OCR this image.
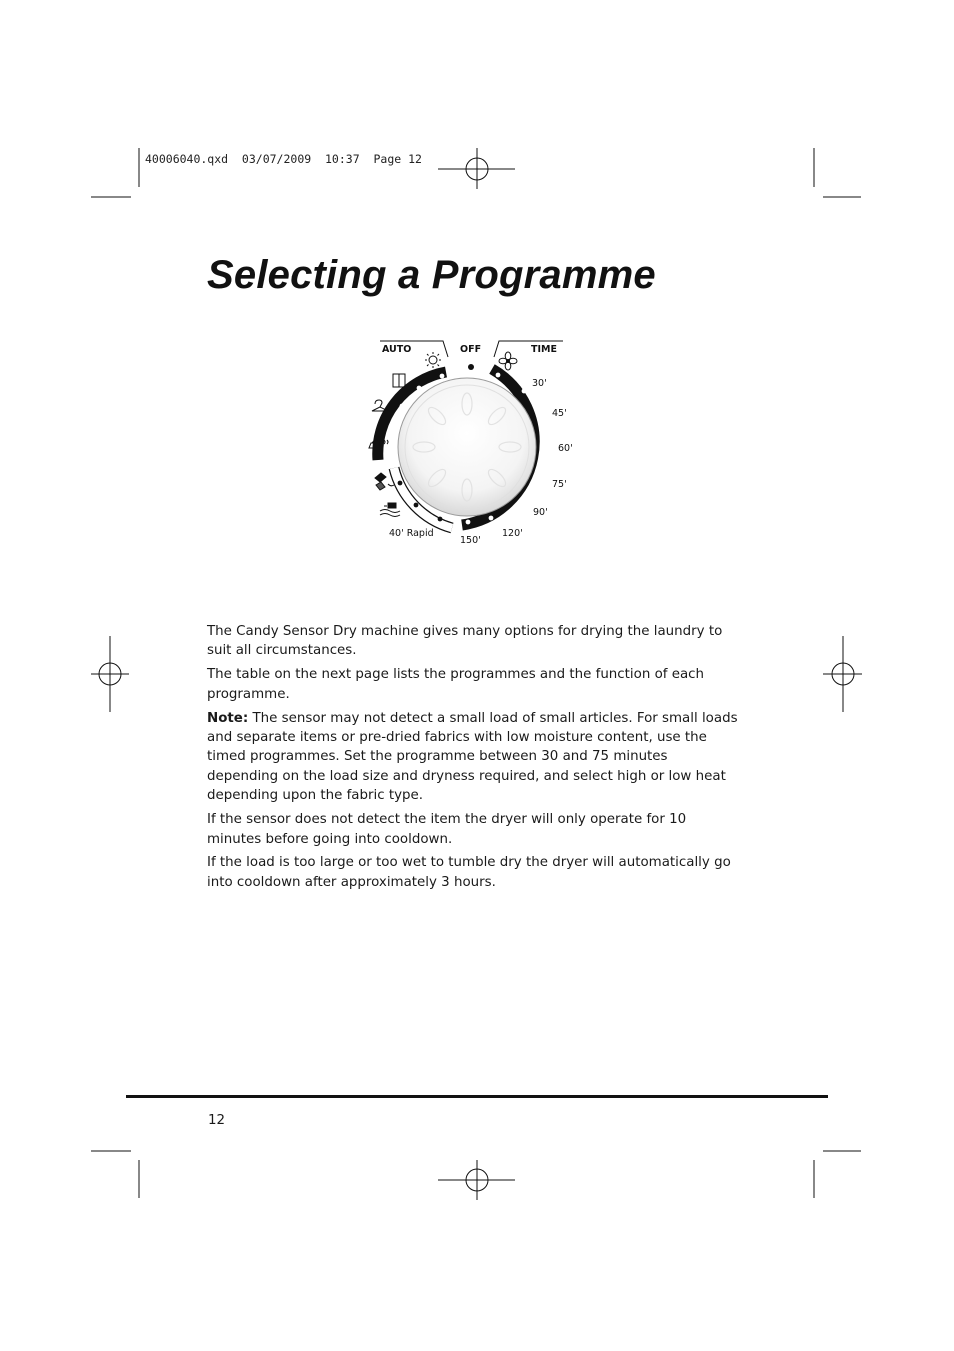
40006040.qxd  03/07/2009  10:37  Page 12
Selecting a Programme
AUTO	OFF	TIME
30'
45'
60'
75'
90'
120'
150'
40' Rapid

The Candy Sensor Dry machine gives many options for drying the laundry to suit all circumstances.

The table on the next page lists the programmes and the function of each programme.

Note: The sensor may not detect a small load of small articles. For small loads and separate items or pre-dried fabrics with low moisture content, use the timed programmes. Set the programme between 30 and 75 minutes depending on the load size and dryness required, and select high or low heat depending upon the fabric type.

If the sensor does not detect the item the dryer will only operate for 10 minutes before going into cooldown.

If the load is too large or too wet to tumble dry the dryer will automatically go into cooldown after approximately 3 hours.

12
